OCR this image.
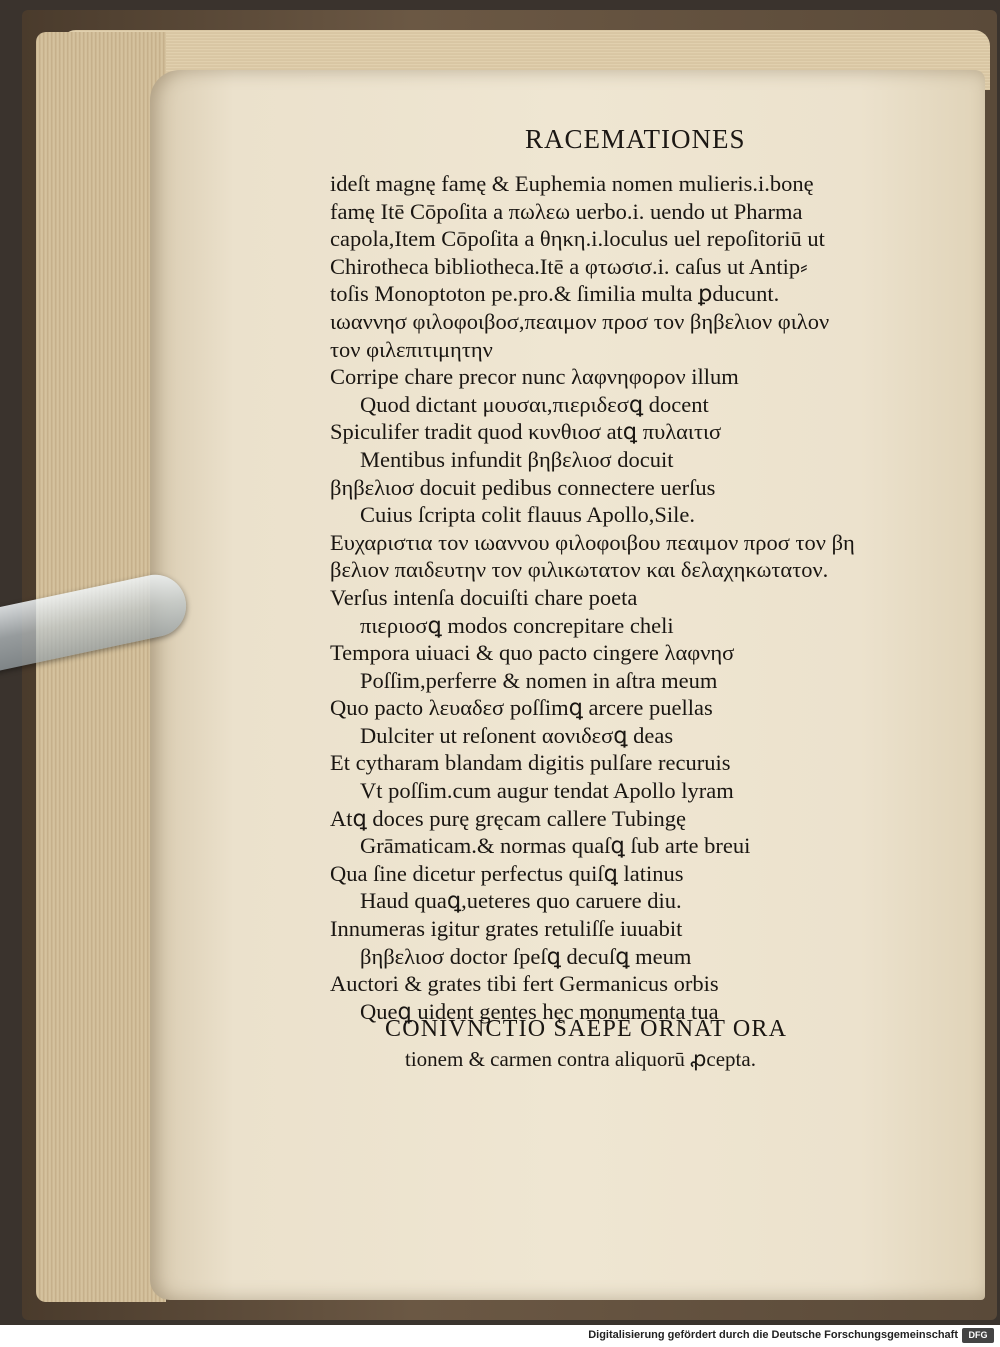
RACEMATIONES
ideſt magnę famę & Euphemia nomen mulieris.i.bonę
famę Itē Cōpoſita a πωλεω uerbo.i. uendo ut Pharma
capola,Item Cōpoſita a θηκη.i.loculus uel repoſitoriū ut
Chirotheca bibliotheca.Itē a φτωσισ.i. caſus ut Antip⸗
toſis Monoptoton pe.pro.& ſimilia multa ꝑducunt.
ιωαννησ φιλοφοιβοσ,πεαιμον προσ τον βηβελιον φιλον
τον φιλεπιτιμητην
Corripe chare precor nunc λαφνηφορον illum
Quod dictant μουσαι,πιεριδεσꝗ docent
Spiculifer tradit quod κυνθιοσ atꝗ πυλαιτισ
Mentibus infundit βηβελιοσ docuit
βηβελιοσ docuit pedibus connectere uerſus
Cuius ſcripta colit flauus Apollo,Sile.
Ευχαριστια τον ιωαννου φιλοφοιβου πεαιμον προσ τον βη
βελιον παιδευτην τον φιλικωτατον και δελαχηκωτατον.
Verſus intenſa docuiſti chare poeta
πιεριοσꝗ modos concrepitare cheli
Tempora uiuaci & quo pacto cingere λαφνησ
Poſſim,perferre & nomen in aſtra meum
Quo pacto λευαδεσ poſſimꝗ arcere puellas
Dulciter ut reſonent αονιδεσꝗ deas
Et cytharam blandam digitis pulſare recuruis
Vt poſſim.cum augur tendat Apollo lyram
Atꝗ doces purę gręcam callere Tubingę
Grāmaticam.& normas quaſꝗ ſub arte breui
Qua ſine dicetur perfectus quiſꝗ latinus
Haud quaꝗ,ueteres quo caruere diu.
Innumeras igitur grates retuliſſe iuuabit
βηβελιοσ doctor ſpeſꝗ decuſꝗ meum
Auctori & grates tibi fert Germanicus orbis
Queꝗ uident gentes hęc monumenta tua
CONIVNCTIO SAEPE ORNAT ORA
tionem & carmen contra aliquorū ꝓcepta.
Digitalisierung gefördert durch die Deutsche Forschungsgemeinschaft	DFG
